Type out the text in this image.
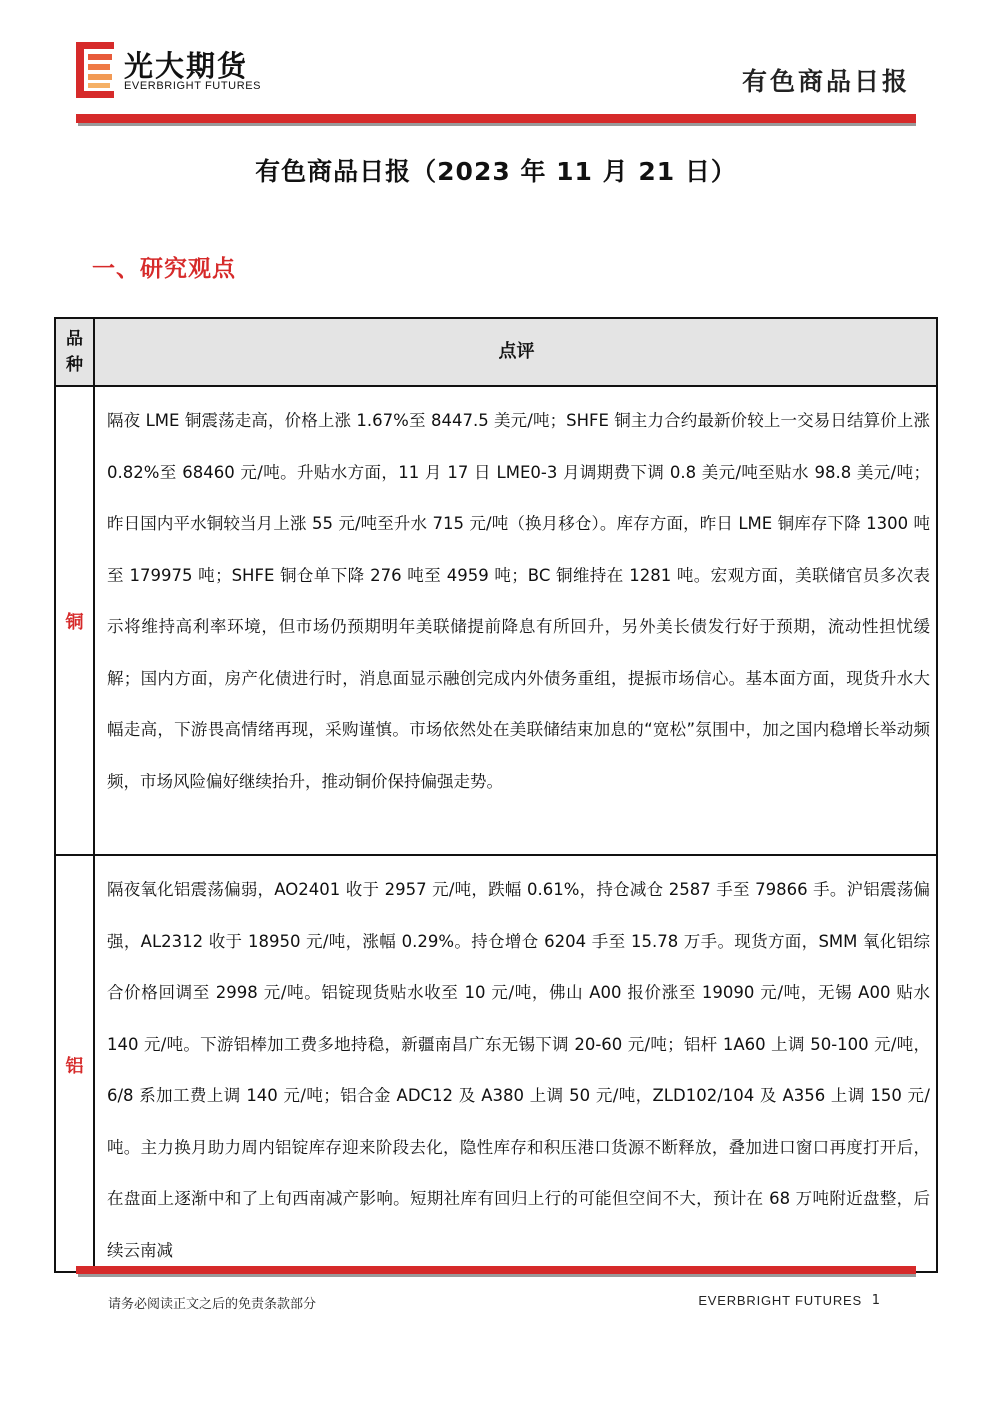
光大期货
EVERBRIGHT FUTURES	有色商品日报
有色商品日报（2023 年 11 月 21 日）
一、研究观点
品
种
点评
铜
隔夜 LME 铜震荡走高，价格上涨 1.67%至 8447.5 美元/吨；SHFE 铜主力合约最新价较上一交易日结算价上涨 0.82%至 68460 元/吨。升贴水方面，11 月 17 日 LME0-3 月调期费下调 0.8 美元/吨至贴水 98.8 美元/吨；昨日国内平水铜较当月上涨 55 元/吨至升水 715 元/吨（换月移仓）。库存方面，昨日 LME 铜库存下降 1300 吨至 179975 吨；SHFE 铜仓单下降 276 吨至 4959 吨；BC 铜维持在 1281 吨。宏观方面，美联储官员多次表示将维持高利率环境，但市场仍预期明年美联储提前降息有所回升，另外美长债发行好于预期，流动性担忧缓解；国内方面，房产化债进行时，消息面显示融创完成内外债务重组，提振市场信心。基本面方面，现货升水大幅走高，下游畏高情绪再现，采购谨慎。市场依然处在美联储结束加息的“宽松”氛围中，加之国内稳增长举动频频，市场风险偏好继续抬升，推动铜价保持偏强走势。
铝
隔夜氧化铝震荡偏弱，AO2401 收于 2957 元/吨，跌幅 0.61%，持仓减仓 2587 手至 79866 手。沪铝震荡偏强，AL2312 收于 18950 元/吨，涨幅 0.29%。持仓增仓 6204 手至 15.78 万手。现货方面，SMM 氧化铝综合价格回调至 2998 元/吨。铝锭现货贴水收至 10 元/吨，佛山 A00 报价涨至 19090 元/吨，无锡 A00 贴水 140 元/吨。下游铝棒加工费多地持稳，新疆南昌广东无锡下调 20-60 元/吨；铝杆 1A60 上调 50-100 元/吨，6/8 系加工费上调 140 元/吨；铝合金 ADC12 及 A380 上调 50 元/吨，ZLD102/104 及 A356 上调 150 元/吨。主力换月助力周内铝锭库存迎来阶段去化，隐性库存和积压港口货源不断释放，叠加进口窗口再度打开后，在盘面上逐渐中和了上旬西南减产影响。短期社库有回归上行的可能但空间不大，预计在 68 万吨附近盘整，后续云南减
请务必阅读正文之后的免责条款部分	EVERBRIGHT FUTURES 1
